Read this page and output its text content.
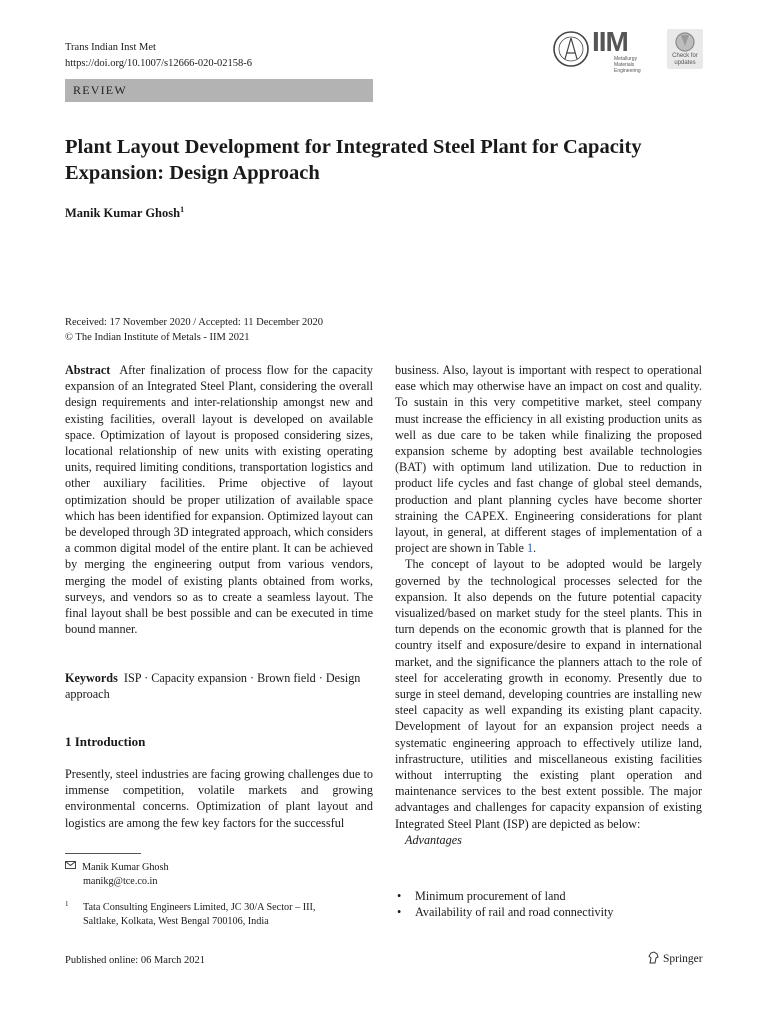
Trans Indian Inst Met
https://doi.org/10.1007/s12666-020-02158-6
IIM
Metallurgy
Materials Engineering
Check for
updates
REVIEW
Plant Layout Development for Integrated Steel Plant for Capacity Expansion: Design Approach
Manik Kumar Ghosh$^1$
Received: 17 November 2020 / Accepted: 11 December 2020
© The Indian Institute of Metals - IIM 2021

Abstract After finalization of process flow for the capacity expansion of an Integrated Steel Plant, considering the overall design requirements and inter-relationship amongst new and existing facilities, overall layout is developed on available space. Optimization of layout is proposed considering sizes, locational relationship of new units with existing operating units, required limiting conditions, transportation logistics and other auxiliary facilities. Prime objective of layout optimization should be proper utilization of available space which has been identified for expansion. Optimized layout can be developed through 3D integrated approach, which considers a common digital model of the entire plant. It can be achieved by merging the engineering output from various vendors, merging the model of existing plants obtained from works, surveys, and vendors so as to create a seamless layout. The final layout shall be best possible and can be executed in time bound manner.

Keywords ISP · Capacity expansion · Brown field · Design approach
1 Introduction
Presently, steel industries are facing growing challenges due to immense competition, volatile markets and growing environmental concerns. Optimization of plant layout and logistics are among the few key factors for the successful
Manik Kumar Ghosh
manikg@tce.co.in
1 Tata Consulting Engineers Limited, JC 30/A Sector – III,
Saltlake, Kolkata, West Bengal 700106, India

business. Also, layout is important with respect to operational ease which may otherwise have an impact on cost and quality. To sustain in this very competitive market, steel company must increase the efficiency in all existing production units as well as due care to be taken while finalizing the proposed expansion scheme by adopting best available technologies (BAT) with optimum land utilization. Due to reduction in product life cycles and fast change of global steel demands, production and plant planning cycles have become shorter straining the CAPEX. Engineering considerations for plant layout, in general, at different stages of implementation of a project are shown in Table 1.

The concept of layout to be adopted would be largely governed by the technological processes selected for the expansion. It also depends on the future potential capacity visualized/based on market study for the steel plants. This in turn depends on the economic growth that is planned for the country itself and exposure/desire to expand in international market, and the significance the planners attach to the role of steel for accelerating growth in economy. Presently due to surge in steel demand, developing countries are installing new steel capacity as well expanding its existing plant capacity. Development of layout for an expansion project needs a systematic engineering approach to effectively utilize land, infrastructure, utilities and miscellaneous existing facilities without interrupting the existing plant operation and maintenance services to the best extent possible. The major advantages and challenges for capacity expansion of existing Integrated Steel Plant (ISP) are depicted as below:

Advantages

• Minimum procurement of land
• Availability of rail and road connectivity
Published online: 06 March 2021	Springer
